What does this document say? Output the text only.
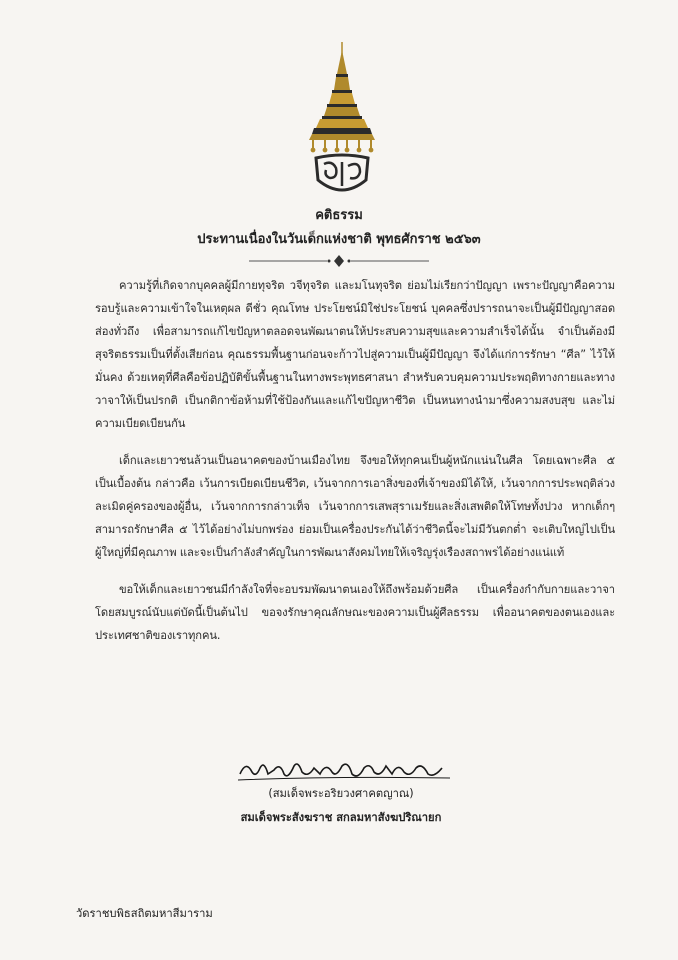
คติธรรม
ประทานเนื่องในวันเด็กแห่งชาติ พุทธศักราช ๒๕๖๓

ความรู้ที่เกิดจากบุคคลผู้มีกายทุจริต วจีทุจริต และมโนทุจริต ย่อมไม่เรียกว่าปัญญา เพราะปัญญาคือความรอบรู้และความเข้าใจในเหตุผล ดีชั่ว คุณโทษ ประโยชน์มิใช่ประโยชน์ บุคคลซึ่งปรารถนาจะเป็นผู้มีปัญญาสอดส่องทั่วถึง เพื่อสามารถแก้ไขปัญหาตลอดจนพัฒนาตนให้ประสบความสุขและความสำเร็จได้นั้น จำเป็นต้องมีสุจริตธรรมเป็นที่ตั้งเสียก่อน คุณธรรมพื้นฐานก่อนจะก้าวไปสู่ความเป็นผู้มีปัญญา จึงได้แก่การรักษา “ศีล” ไว้ให้มั่นคง ด้วยเหตุที่ศีลคือข้อปฏิบัติขั้นพื้นฐานในทางพระพุทธศาสนา สำหรับควบคุมความประพฤติทางกายและทางวาจาให้เป็นปรกติ เป็นกติกาข้อห้ามที่ใช้ป้องกันและแก้ไขปัญหาชีวิต เป็นหนทางนำมาซึ่งความสงบสุข และไม่ความเบียดเบียนกัน

เด็กและเยาวชนล้วนเป็นอนาคตของบ้านเมืองไทย จึงขอให้ทุกคนเป็นผู้หนักแน่นในศีล โดยเฉพาะศีล ๕ เป็นเบื้องต้น กล่าวคือ เว้นการเบียดเบียนชีวิต, เว้นจากการเอาสิ่งของที่เจ้าของมิได้ให้, เว้นจากการประพฤติล่วงละเมิดคู่ครองของผู้อื่น, เว้นจากการกล่าวเท็จ เว้นจากการเสพสุราเมรัยและสิ่งเสพติดให้โทษทั้งปวง หากเด็กๆ สามารถรักษาศีล ๕ ไว้ได้อย่างไม่บกพร่อง ย่อมเป็นเครื่องประกันได้ว่าชีวิตนี้จะไม่มีวันตกต่ำ จะเติบใหญ่ไปเป็นผู้ใหญ่ที่มีคุณภาพ และจะเป็นกำลังสำคัญในการพัฒนาสังคมไทยให้เจริญรุ่งเรืองสถาพรได้อย่างแน่แท้

ขอให้เด็กและเยาวชนมีกำลังใจที่จะอบรมพัฒนาตนเองให้ถึงพร้อมด้วยศีล เป็นเครื่องกำกับกายและวาจาโดยสมบูรณ์นับแต่บัดนี้เป็นต้นไป ขอจงรักษาคุณลักษณะของความเป็นผู้ศีลธรรม เพื่ออนาคตของตนเองและประเทศชาติของเราทุกคน.

(สมเด็จพระอริยวงศาคตญาณ)
สมเด็จพระสังฆราช สกลมหาสังฆปริณายก
วัดราชบพิธสถิตมหาสีมาราม
